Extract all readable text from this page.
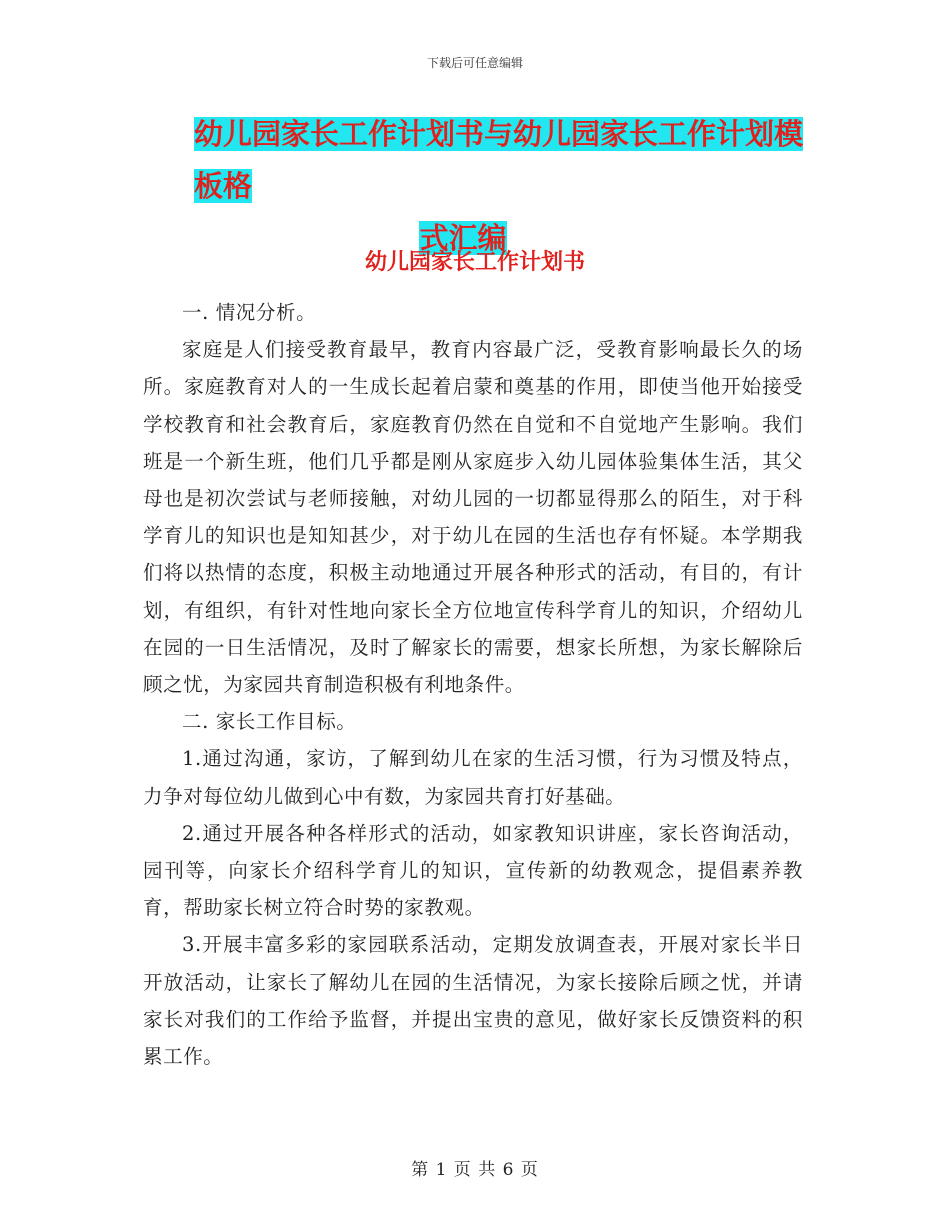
下载后可任意编辑
幼儿园家长工作计划书与幼儿园家长工作计划模板格
式汇编
幼儿园家长工作计划书

一. 情况分析。

家庭是人们接受教育最早，教育内容最广泛，受教育影响最长久的场所。家庭教育对人的一生成长起着启蒙和奠基的作用，即使当他开始接受学校教育和社会教育后，家庭教育仍然在自觉和不自觉地产生影响。我们班是一个新生班，他们几乎都是刚从家庭步入幼儿园体验集体生活，其父母也是初次尝试与老师接触，对幼儿园的一切都显得那么的陌生，对于科学育儿的知识也是知知甚少，对于幼儿在园的生活也存有怀疑。本学期我们将以热情的态度，积极主动地通过开展各种形式的活动，有目的，有计划，有组织，有针对性地向家长全方位地宣传科学育儿的知识，介绍幼儿在园的一日生活情况，及时了解家长的需要，想家长所想，为家长解除后顾之忧，为家园共育制造积极有利地条件。

二. 家长工作目标。

1.通过沟通，家访，了解到幼儿在家的生活习惯，行为习惯及特点，力争对每位幼儿做到心中有数，为家园共育打好基础。

2.通过开展各种各样形式的活动，如家教知识讲座，家长咨询活动，园刊等，向家长介绍科学育儿的知识，宣传新的幼教观念，提倡素养教育，帮助家长树立符合时势的家教观。

3.开展丰富多彩的家园联系活动，定期发放调查表，开展对家长半日开放活动，让家长了解幼儿在园的生活情况，为家长接除后顾之忧，并请家长对我们的工作给予监督，并提出宝贵的意见，做好家长反馈资料的积累工作。

第 1 页 共 6 页
